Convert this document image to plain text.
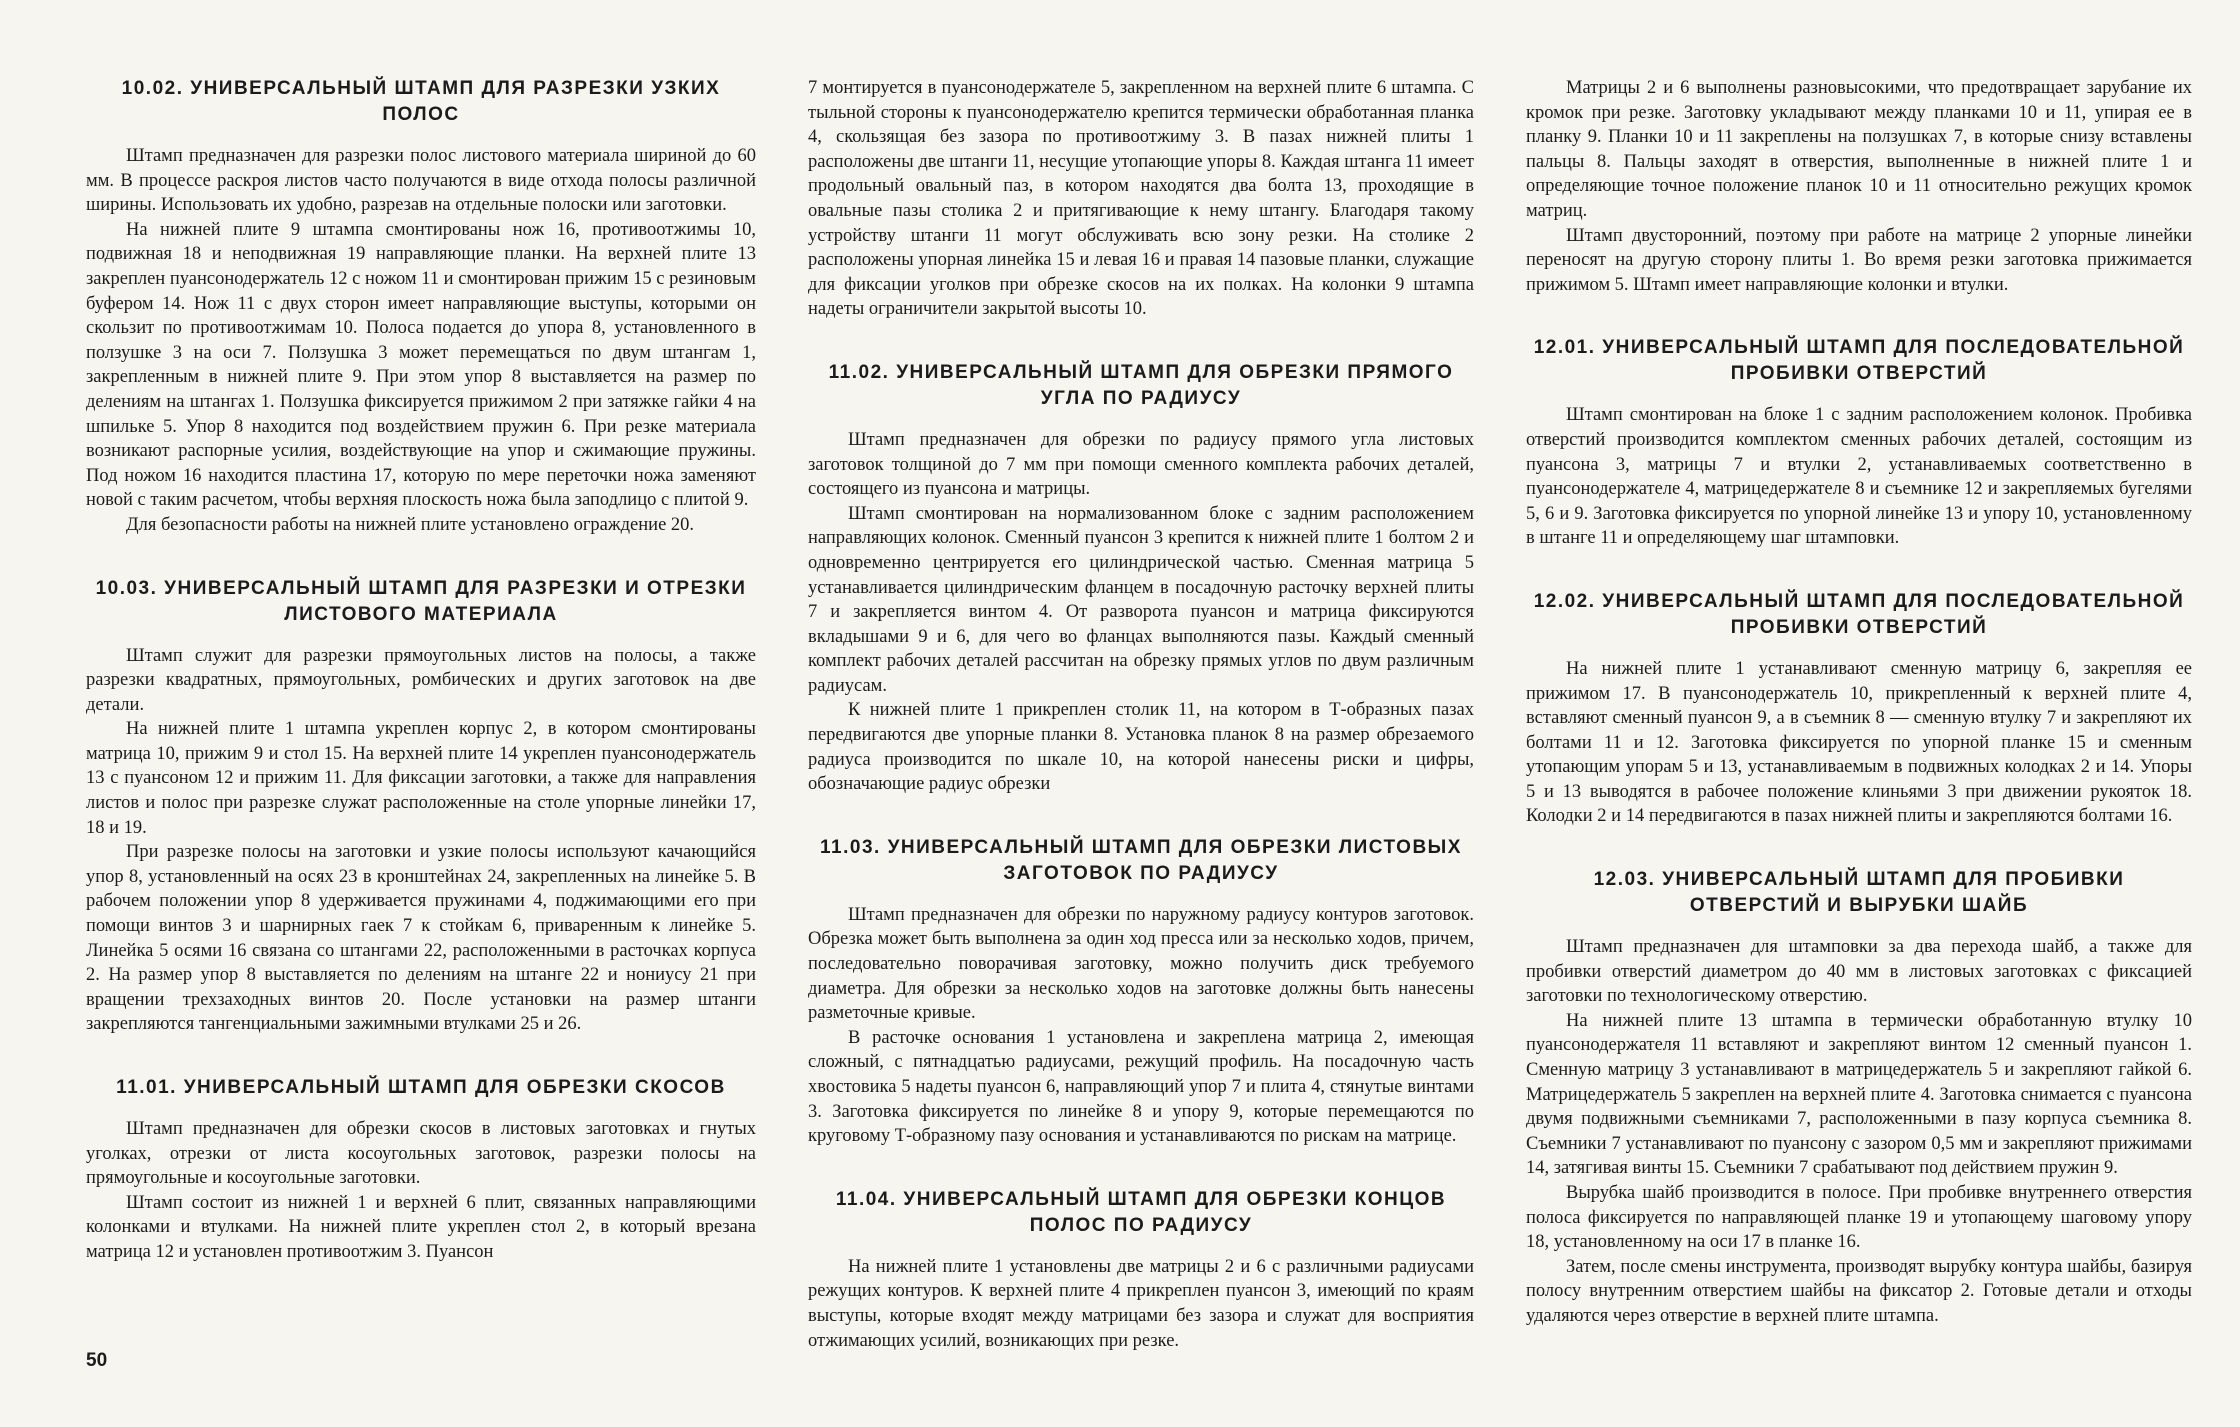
10.02. УНИВЕРСАЛЬНЫЙ ШТАМП ДЛЯ РАЗРЕЗКИ УЗКИХ ПОЛОС

Штамп предназначен для разрезки полос листового материала шириной до 60 мм. В процессе раскроя листов часто получаются в виде отхода полосы различной ширины. Использовать их удобно, разрезав на отдельные полоски или заготовки.

На нижней плите 9 штампа смонтированы нож 16, противоотжимы 10, подвижная 18 и неподвижная 19 направляющие планки. На верхней плите 13 закреплен пуансонодержатель 12 с ножом 11 и смонтирован прижим 15 с резиновым буфером 14. Нож 11 с двух сторон имеет направляющие выступы, которыми он скользит по противоотжимам 10. Полоса подается до упора 8, установленного в ползушке 3 на оси 7. Ползушка 3 может перемещаться по двум штангам 1, закрепленным в нижней плите 9. При этом упор 8 выставляется на размер по делениям на штангах 1. Ползушка фиксируется прижимом 2 при затяжке гайки 4 на шпильке 5. Упор 8 находится под воздействием пружин 6. При резке материала возникают распорные усилия, воздействующие на упор и сжимающие пружины. Под ножом 16 находится пластина 17, которую по мере переточки ножа заменяют новой с таким расчетом, чтобы верхняя плоскость ножа была заподлицо с плитой 9.

Для безопасности работы на нижней плите установлено ограждение 20.

10.03. УНИВЕРСАЛЬНЫЙ ШТАМП ДЛЯ РАЗРЕЗКИ И ОТРЕЗКИ ЛИСТОВОГО МАТЕРИАЛА

Штамп служит для разрезки прямоугольных листов на полосы, а также разрезки квадратных, прямоугольных, ромбических и других заготовок на две детали.

На нижней плите 1 штампа укреплен корпус 2, в котором смонтированы матрица 10, прижим 9 и стол 15. На верхней плите 14 укреплен пуансонодержатель 13 с пуансоном 12 и прижим 11. Для фиксации заготовки, а также для направления листов и полос при разрезке служат расположенные на столе упорные линейки 17, 18 и 19.

При разрезке полосы на заготовки и узкие полосы используют качающийся упор 8, установленный на осях 23 в кронштейнах 24, закрепленных на линейке 5. В рабочем положении упор 8 удерживается пружинами 4, поджимающими его при помощи винтов 3 и шарнирных гаек 7 к стойкам 6, приваренным к линейке 5. Линейка 5 осями 16 связана со штангами 22, расположенными в расточках корпуса 2. На размер упор 8 выставляется по делениям на штанге 22 и нониусу 21 при вращении трехзаходных винтов 20. После установки на размер штанги закрепляются тангенциальными зажимными втулками 25 и 26.

11.01. УНИВЕРСАЛЬНЫЙ ШТАМП ДЛЯ ОБРЕЗКИ СКОСОВ

Штамп предназначен для обрезки скосов в листовых заготовках и гнутых уголках, отрезки от листа косоугольных заготовок, разрезки полосы на прямоугольные и косоугольные заготовки.

Штамп состоит из нижней 1 и верхней 6 плит, связанных направляющими колонками и втулками. На нижней плите укреплен стол 2, в который врезана матрица 12 и установлен противоотжим 3. Пуансон

7 монтируется в пуансонодержателе 5, закрепленном на верхней плите 6 штампа. С тыльной стороны к пуансонодержателю крепится термически обработанная планка 4, скользящая без зазора по противоотжиму 3. В пазах нижней плиты 1 расположены две штанги 11, несущие утопающие упоры 8. Каждая штанга 11 имеет продольный овальный паз, в котором находятся два болта 13, проходящие в овальные пазы столика 2 и притягивающие к нему штангу. Благодаря такому устройству штанги 11 могут обслуживать всю зону резки. На столике 2 расположены упорная линейка 15 и левая 16 и правая 14 пазовые планки, служащие для фиксации уголков при обрезке скосов на их полках. На колонки 9 штампа надеты ограничители закрытой высоты 10.

11.02. УНИВЕРСАЛЬНЫЙ ШТАМП ДЛЯ ОБРЕЗКИ ПРЯМОГО УГЛА ПО РАДИУСУ

Штамп предназначен для обрезки по радиусу прямого угла листовых заготовок толщиной до 7 мм при помощи сменного комплекта рабочих деталей, состоящего из пуансона и матрицы.

Штамп смонтирован на нормализованном блоке с задним расположением направляющих колонок. Сменный пуансон 3 крепится к нижней плите 1 болтом 2 и одновременно центрируется его цилиндрической частью. Сменная матрица 5 устанавливается цилиндрическим фланцем в посадочную расточку верхней плиты 7 и закрепляется винтом 4. От разворота пуансон и матрица фиксируются вкладышами 9 и 6, для чего во фланцах выполняются пазы. Каждый сменный комплект рабочих деталей рассчитан на обрезку прямых углов по двум различным радиусам.

К нижней плите 1 прикреплен столик 11, на котором в Т-образных пазах передвигаются две упорные планки 8. Установка планок 8 на размер обрезаемого радиуса производится по шкале 10, на которой нанесены риски и цифры, обозначающие радиус обрезки

11.03. УНИВЕРСАЛЬНЫЙ ШТАМП ДЛЯ ОБРЕЗКИ ЛИСТОВЫХ ЗАГОТОВОК ПО РАДИУСУ

Штамп предназначен для обрезки по наружному радиусу контуров заготовок. Обрезка может быть выполнена за один ход пресса или за несколько ходов, причем, последовательно поворачивая заготовку, можно получить диск требуемого диаметра. Для обрезки за несколько ходов на заготовке должны быть нанесены разметочные кривые.

В расточке основания 1 установлена и закреплена матрица 2, имеющая сложный, с пятнадцатью радиусами, режущий профиль. На посадочную часть хвостовика 5 надеты пуансон 6, направляющий упор 7 и плита 4, стянутые винтами 3. Заготовка фиксируется по линейке 8 и упору 9, которые перемещаются по круговому Т-образному пазу основания и устанавливаются по рискам на матрице.

11.04. УНИВЕРСАЛЬНЫЙ ШТАМП ДЛЯ ОБРЕЗКИ КОНЦОВ ПОЛОС ПО РАДИУСУ

На нижней плите 1 установлены две матрицы 2 и 6 с различными радиусами режущих контуров. К верхней плите 4 прикреплен пуансон 3, имеющий по краям выступы, которые входят между матрицами без зазора и служат для восприятия отжимающих усилий, возникающих при резке.

Матрицы 2 и 6 выполнены разновысокими, что предотвращает зарубание их кромок при резке. Заготовку укладывают между планками 10 и 11, упирая ее в планку 9. Планки 10 и 11 закреплены на ползушках 7, в которые снизу вставлены пальцы 8. Пальцы заходят в отверстия, выполненные в нижней плите 1 и определяющие точное положение планок 10 и 11 относительно режущих кромок матриц.

Штамп двусторонний, поэтому при работе на матрице 2 упорные линейки переносят на другую сторону плиты 1. Во время резки заготовка прижимается прижимом 5. Штамп имеет направляющие колонки и втулки.

12.01. УНИВЕРСАЛЬНЫЙ ШТАМП ДЛЯ ПОСЛЕДОВАТЕЛЬНОЙ ПРОБИВКИ ОТВЕРСТИЙ

Штамп смонтирован на блоке 1 с задним расположением колонок. Пробивка отверстий производится комплектом сменных рабочих деталей, состоящим из пуансона 3, матрицы 7 и втулки 2, устанавливаемых соответственно в пуансонодержателе 4, матрицедержателе 8 и съемнике 12 и закрепляемых бугелями 5, 6 и 9. Заготовка фиксируется по упорной линейке 13 и упору 10, установленному в штанге 11 и определяющему шаг штамповки.

12.02. УНИВЕРСАЛЬНЫЙ ШТАМП ДЛЯ ПОСЛЕДОВАТЕЛЬНОЙ ПРОБИВКИ ОТВЕРСТИЙ

На нижней плите 1 устанавливают сменную матрицу 6, закрепляя ее прижимом 17. В пуансонодержатель 10, прикрепленный к верхней плите 4, вставляют сменный пуансон 9, а в съемник 8 — сменную втулку 7 и закрепляют их болтами 11 и 12. Заготовка фиксируется по упорной планке 15 и сменным утопающим упорам 5 и 13, устанавливаемым в подвижных колодках 2 и 14. Упоры 5 и 13 выводятся в рабочее положение клиньями 3 при движении рукояток 18. Колодки 2 и 14 передвигаются в пазах нижней плиты и закрепляются болтами 16.

12.03. УНИВЕРСАЛЬНЫЙ ШТАМП ДЛЯ ПРОБИВКИ ОТВЕРСТИЙ И ВЫРУБКИ ШАЙБ

Штамп предназначен для штамповки за два перехода шайб, а также для пробивки отверстий диаметром до 40 мм в листовых заготовках с фиксацией заготовки по технологическому отверстию.

На нижней плите 13 штампа в термически обработанную втулку 10 пуансонодержателя 11 вставляют и закрепляют винтом 12 сменный пуансон 1. Сменную матрицу 3 устанавливают в матрицедержатель 5 и закрепляют гайкой 6. Матрицедержатель 5 закреплен на верхней плите 4. Заготовка снимается с пуансона двумя подвижными съемниками 7, расположенными в пазу корпуса съемника 8. Съемники 7 устанавливают по пуансону с зазором 0,5 мм и закрепляют прижимами 14, затягивая винты 15. Съемники 7 срабатывают под действием пружин 9.

Вырубка шайб производится в полосе. При пробивке внутреннего отверстия полоса фиксируется по направляющей планке 19 и утопающему шаговому упору 18, установленному на оси 17 в планке 16.

Затем, после смены инструмента, производят вырубку контура шайбы, базируя полосу внутренним отверстием шайбы на фиксатор 2. Готовые детали и отходы удаляются через отверстие в верхней плите штампа.

50
